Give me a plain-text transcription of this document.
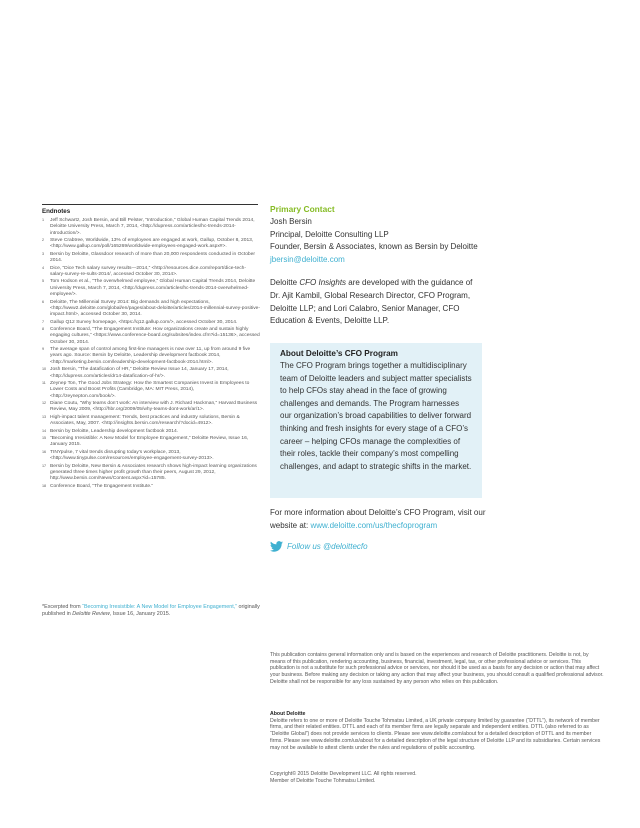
Endnotes
1 Jeff Schwartz, Josh Bersin, and Bill Pelster, “Introduction,” Global Human Capital Trends 2014, Deloitte University Press, March 7, 2014, <http://dupress.com/articles/hc-trends-2014-introduction/>.
2 Steve Crabtree, Worldwide, 13% of employees are engaged at work, Gallup, October 8, 2013, <http://www.gallup.com/poll/165269/worldwide-employees-engaged-work.aspx#>.
3 Bersin by Deloitte, Glassdoor research of more than 20,000 respondents conducted in October 2014.
4 Dice, “Dice Tech salary survey results—2014,” <http://resources.dice.com/report/dice-tech-salary-survey-re-sults-2014/, accessed October 30, 2014>.
5 Tom Hodson et al., “The overwhelmed employee,” Global Human Capital Trends 2014, Deloitte University Press, March 7, 2014, <http://dupress.com/articles/hc-trends-2014-overwhelmed-employee/>.
6 Deloitte, The Millennial Survey 2014: Big demands and high expectations, <http://www2.deloitte.com/global/en/pages/about-deloitte/articles/2014-millennial-survey-positive-impact.html>, accessed October 30, 2014.
7 Gallup Q12 Survey homepage, <https://q12.gallup.com/>, accessed October 30, 2014.
8 Conference Board, “The Engagement Institute: How organizations create and sustain highly engaging cultures,” <https://www.conference-board.org/subsites/index.cfm?id=15136>, accessed October 30, 2014.
9 The average span of control among first-line managers is now over 11, up from around 9 five years ago. Source: Bersin by Deloitte, Leadership development factbook 2014, <http://marketing.bersin.com/leadership-development-factbook-2014.html>.
10 Josh Bersin, “The datafication of HR,” Deloitte Review Issue 14, January 17, 2014, <http://dupress.com/articles/dr14-datafication-of-hr/>.
11 Zeynep Ton, The Good Jobs Strategy: How the Smartest Companies Invest in Employees to Lower Costs and Boost Profits (Cambridge, MA: MIT Press, 2014), <http://zeynepton.com/book/>.
12 Diane Coutu, “Why teams don’t work: An interview with J. Richard Hackman,” Harvard Business Review, May 2009, <http://hbr.org/2009/05/why-teams-dont-work/ar/1>.
13 High-impact talent management: Trends, best practices and industry solutions, Bersin & Associates, May, 2007. <http://insights.bersin.com/research/?docid=4912>.
14 Bersin by Deloitte, Leadership development factbook 2014.
15 “Becoming Irresistible: A New Model for Employee Engagement,” Deloitte Review, Issue 16, January 2015.
16 TINYpulse, 7 vital trends disrupting today’s workplace, 2013, <http://www.tinypulse.com/resources/employee-engagement-survey-2013>.
17 Bersin by Deloitte, New Bersin & Associates research shows high-impact learning organizations generated three times higher profit growth than their peers, August 29, 2012, http://www.bersin.com/News/Content.aspx?id=15785.
18 Conference Board, “The Engagement Institute.”
*Excerpted from “Becoming Irresistible: A New Model for Employee Engagement,” originally published in Deloitte Review, Issue 16, January 2015.
Primary Contact
Josh Bersin
Principal, Deloitte Consulting LLP
Founder, Bersin & Associates, known as Bersin by Deloitte
jbersin@deloitte.com
Deloitte CFO Insights are developed with the guidance of Dr. Ajit Kambil, Global Research Director, CFO Program, Deloitte LLP; and Lori Calabro, Senior Manager, CFO Education & Events, Deloitte LLP.
About Deloitte’s CFO Program
The CFO Program brings together a multidisciplinary team of Deloitte leaders and subject matter specialists to help CFOs stay ahead in the face of growing challenges and demands. The Program harnesses our organization’s broad capabilities to deliver forward thinking and fresh insights for every stage of a CFO’s career – helping CFOs manage the complexities of their roles, tackle their company’s most compelling challenges, and adapt to strategic shifts in the market.
For more information about Deloitte’s CFO Program, visit our website at: www.deloitte.com/us/thecfoprogram
Follow us @deloittecfo
This publication contains general information only and is based on the experiences and research of Deloitte practitioners. Deloitte is not, by means of this publication, rendering accounting, business, financial, investment, legal, tax, or other professional advice or services. This publication is not a substitute for such professional advice or services, nor should it be used as a basis for any decision or action that may affect your business. Before making any decision or taking any action that may affect your business, you should consult a qualified professional advisor. Deloitte shall not be responsible for any loss sustained by any person who relies on this publication.
About Deloitte
Deloitte refers to one or more of Deloitte Touche Tohmatsu Limited, a UK private company limited by guarantee (“DTTL”), its network of member firms, and their related entities. DTTL and each of its member firms are legally separate and independent entities. DTTL (also referred to as “Deloitte Global”) does not provide services to clients. Please see www.deloitte.com/about for a detailed description of DTTL and its member firms. Please see www.deloitte.com/us/about for a detailed description of the legal structure of Deloitte LLP and its subsidiaries. Certain services may not be available to attest clients under the rules and regulations of public accounting.
Copyright© 2015 Deloitte Development LLC. All rights reserved.
Member of Deloitte Touche Tohmatsu Limited.
